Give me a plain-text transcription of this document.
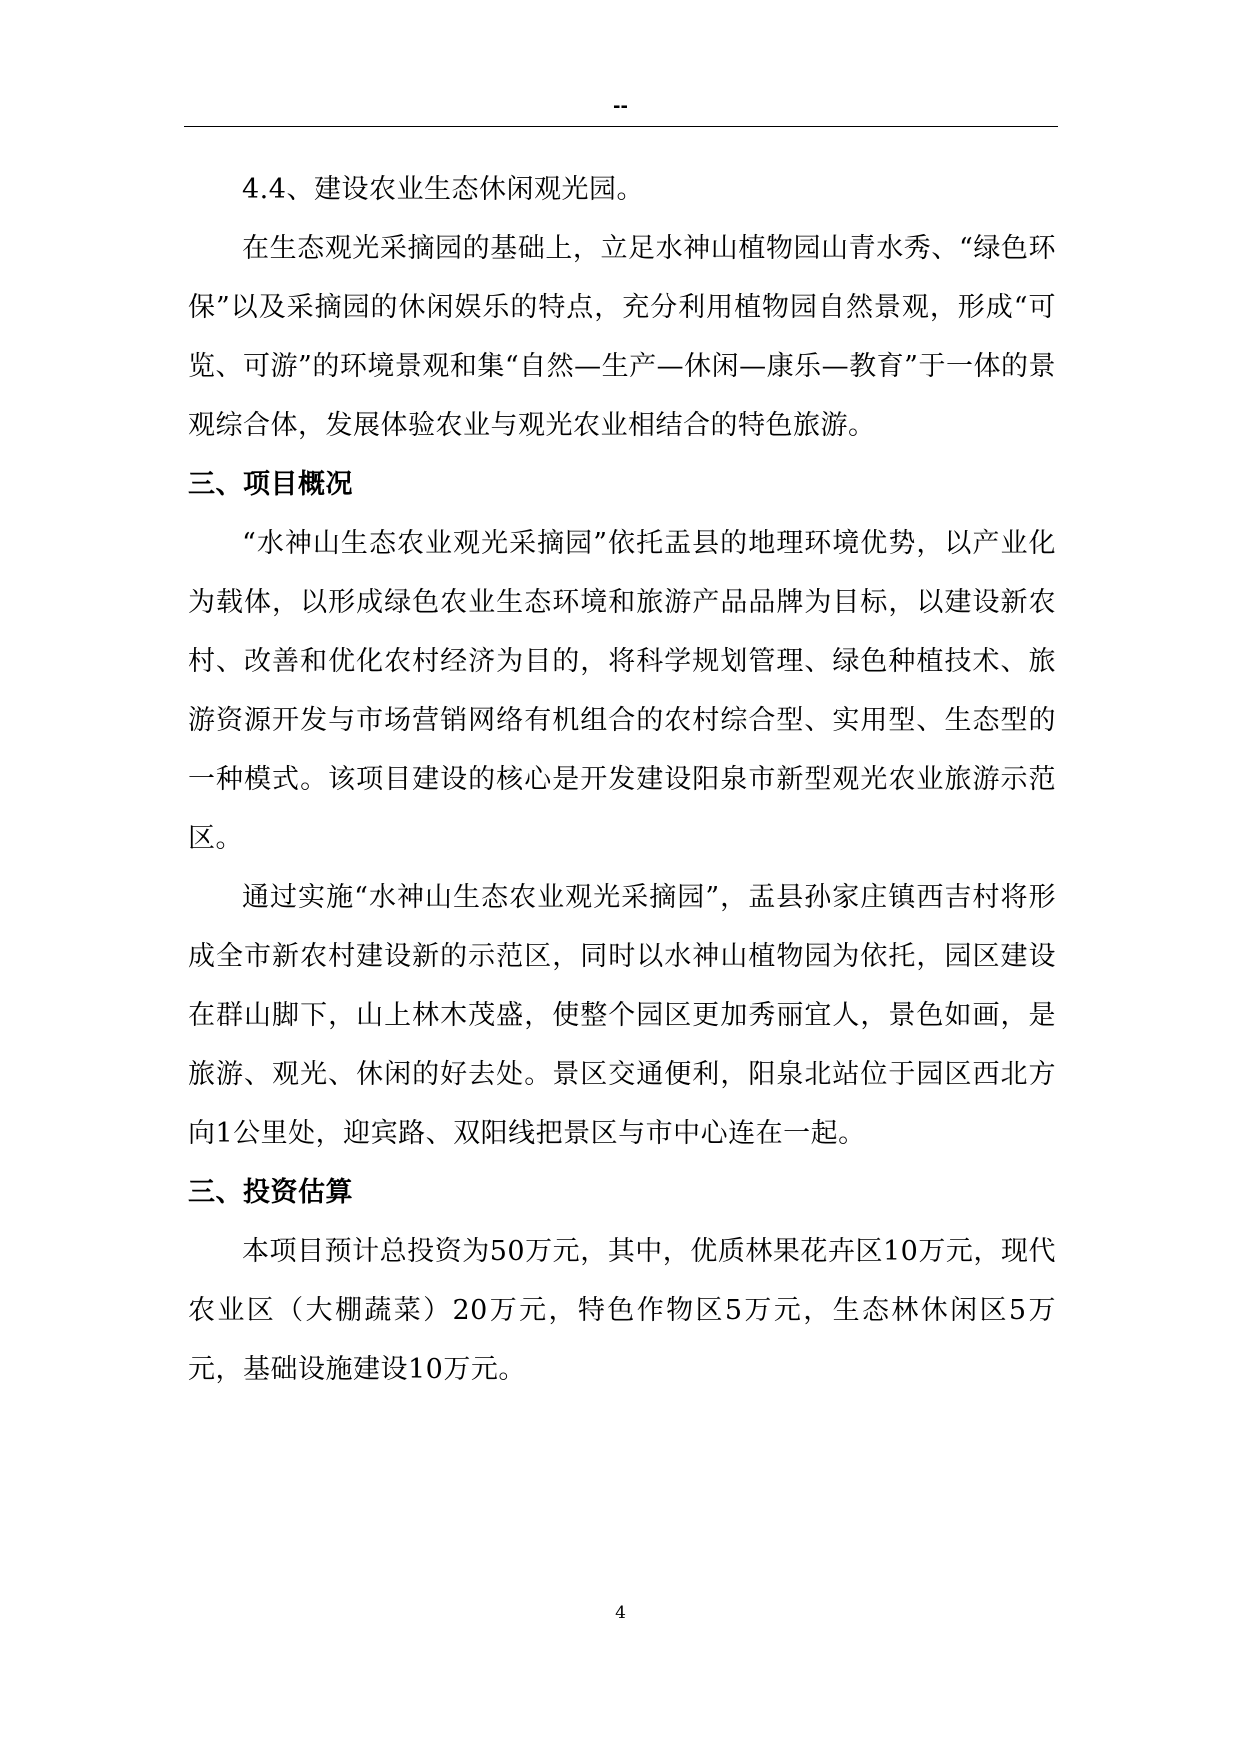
--

4.4、建设农业生态休闲观光园。

在生态观光采摘园的基础上，立足水神山植物园山青水秀、“绿色环保”以及采摘园的休闲娱乐的特点，充分利用植物园自然景观，形成“可览、可游”的环境景观和集“自然—生产—休闲—康乐—教育”于一体的景观综合体，发展体验农业与观光农业相结合的特色旅游。

三、项目概况

“水神山生态农业观光采摘园”依托盂县的地理环境优势，以产业化为载体，以形成绿色农业生态环境和旅游产品品牌为目标，以建设新农村、改善和优化农村经济为目的，将科学规划管理、绿色种植技术、旅游资源开发与市场营销网络有机组合的农村综合型、实用型、生态型的一种模式。该项目建设的核心是开发建设阳泉市新型观光农业旅游示范区。

通过实施“水神山生态农业观光采摘园”，盂县孙家庄镇西吉村将形成全市新农村建设新的示范区，同时以水神山植物园为依托，园区建设在群山脚下，山上林木茂盛，使整个园区更加秀丽宜人，景色如画，是旅游、观光、休闲的好去处。景区交通便利，阳泉北站位于园区西北方向1公里处，迎宾路、双阳线把景区与市中心连在一起。

三、投资估算

本项目预计总投资为50万元，其中，优质林果花卉区10万元，现代农业区（大棚蔬菜）20万元，特色作物区5万元，生态林休闲区5万元，基础设施建设10万元。

4
